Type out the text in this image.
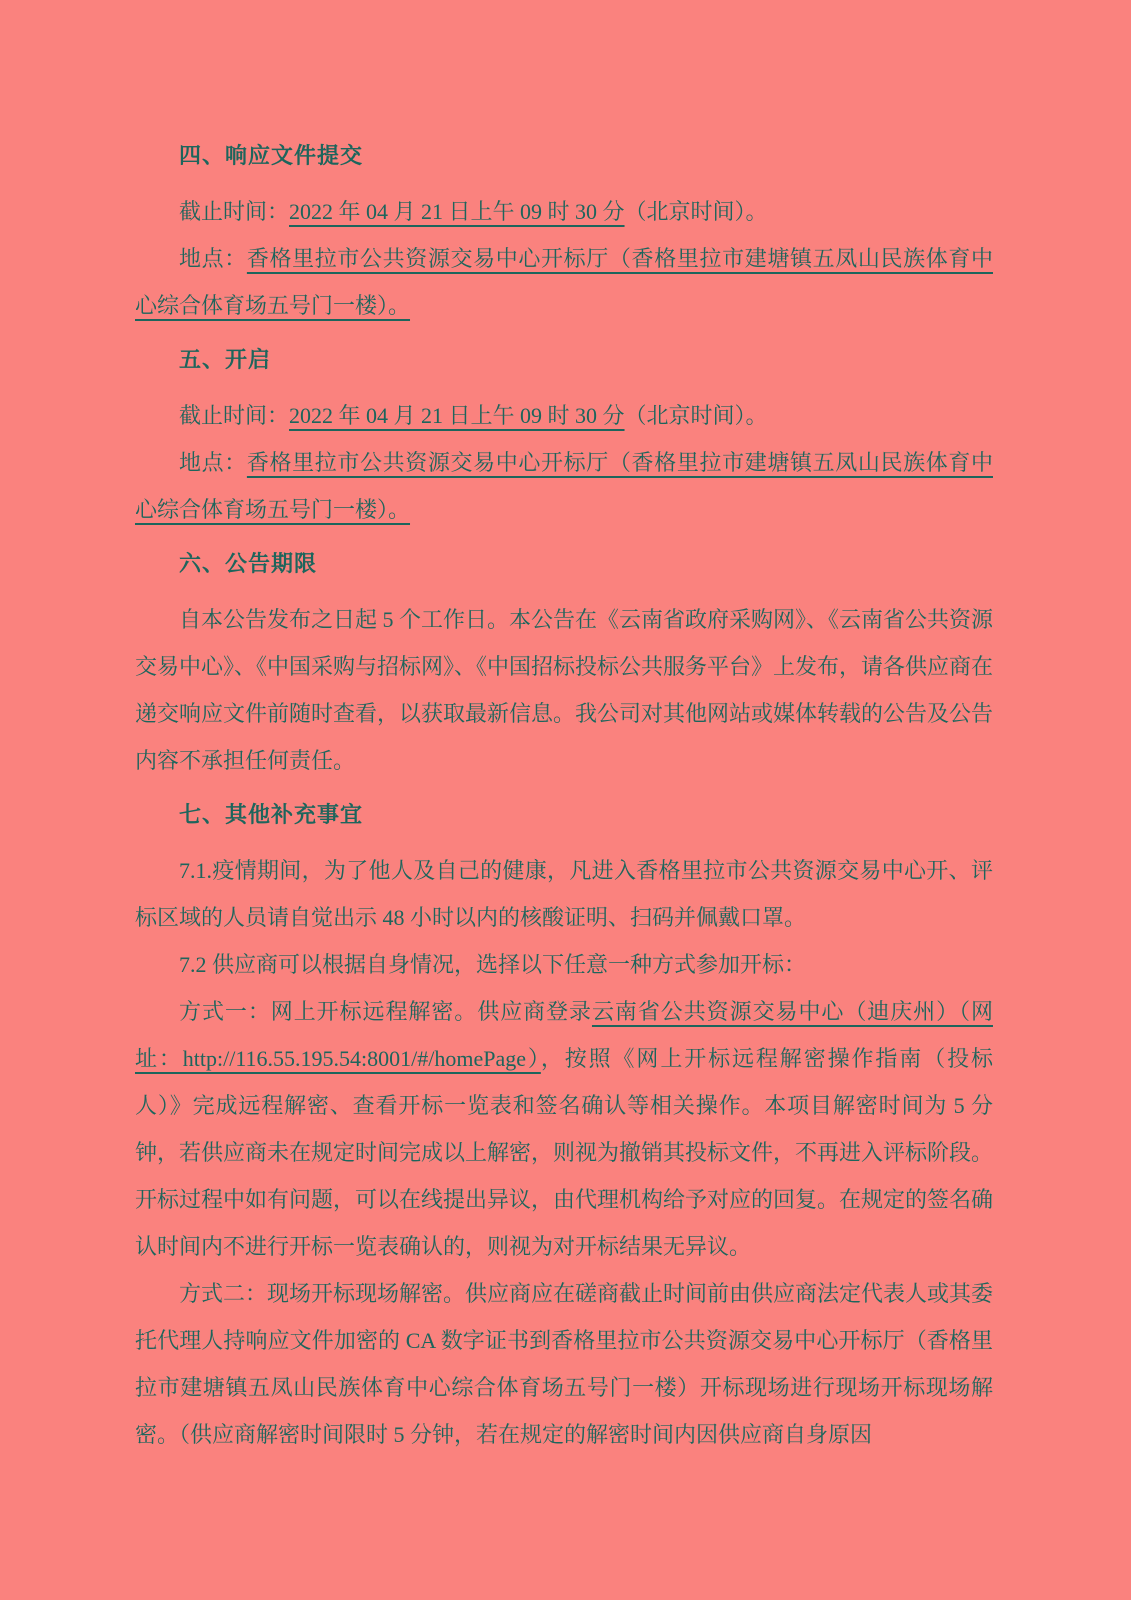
四、响应文件提交

截止时间：2022 年 04 月 21 日上午 09 时 30 分（北京时间）。

地点：香格里拉市公共资源交易中心开标厅（香格里拉市建塘镇五凤山民族体育中心综合体育场五号门一楼）。

五、开启

截止时间：2022 年 04 月 21 日上午 09 时 30 分（北京时间）。

地点：香格里拉市公共资源交易中心开标厅（香格里拉市建塘镇五凤山民族体育中心综合体育场五号门一楼）。

六、公告期限

自本公告发布之日起 5 个工作日。本公告在《云南省政府采购网》、《云南省公共资源交易中心》、《中国采购与招标网》、《中国招标投标公共服务平台》上发布，请各供应商在递交响应文件前随时查看，以获取最新信息。我公司对其他网站或媒体转载的公告及公告内容不承担任何责任。

七、其他补充事宜

7.1.疫情期间，为了他人及自己的健康，凡进入香格里拉市公共资源交易中心开、评标区域的人员请自觉出示 48 小时以内的核酸证明、扫码并佩戴口罩。

7.2 供应商可以根据自身情况，选择以下任意一种方式参加开标：

方式一：网上开标远程解密。供应商登录云南省公共资源交易中心（迪庆州）（网址：http://116.55.195.54:8001/#/homePage），按照《网上开标远程解密操作指南（投标人）》完成远程解密、查看开标一览表和签名确认等相关操作。本项目解密时间为 5 分钟，若供应商未在规定时间完成以上解密，则视为撤销其投标文件，不再进入评标阶段。开标过程中如有问题，可以在线提出异议，由代理机构给予对应的回复。在规定的签名确认时间内不进行开标一览表确认的，则视为对开标结果无异议。

方式二：现场开标现场解密。供应商应在磋商截止时间前由供应商法定代表人或其委托代理人持响应文件加密的 CA 数字证书到香格里拉市公共资源交易中心开标厅（香格里拉市建塘镇五凤山民族体育中心综合体育场五号门一楼）开标现场进行现场开标现场解密。（供应商解密时间限时 5 分钟，若在规定的解密时间内因供应商自身原因
